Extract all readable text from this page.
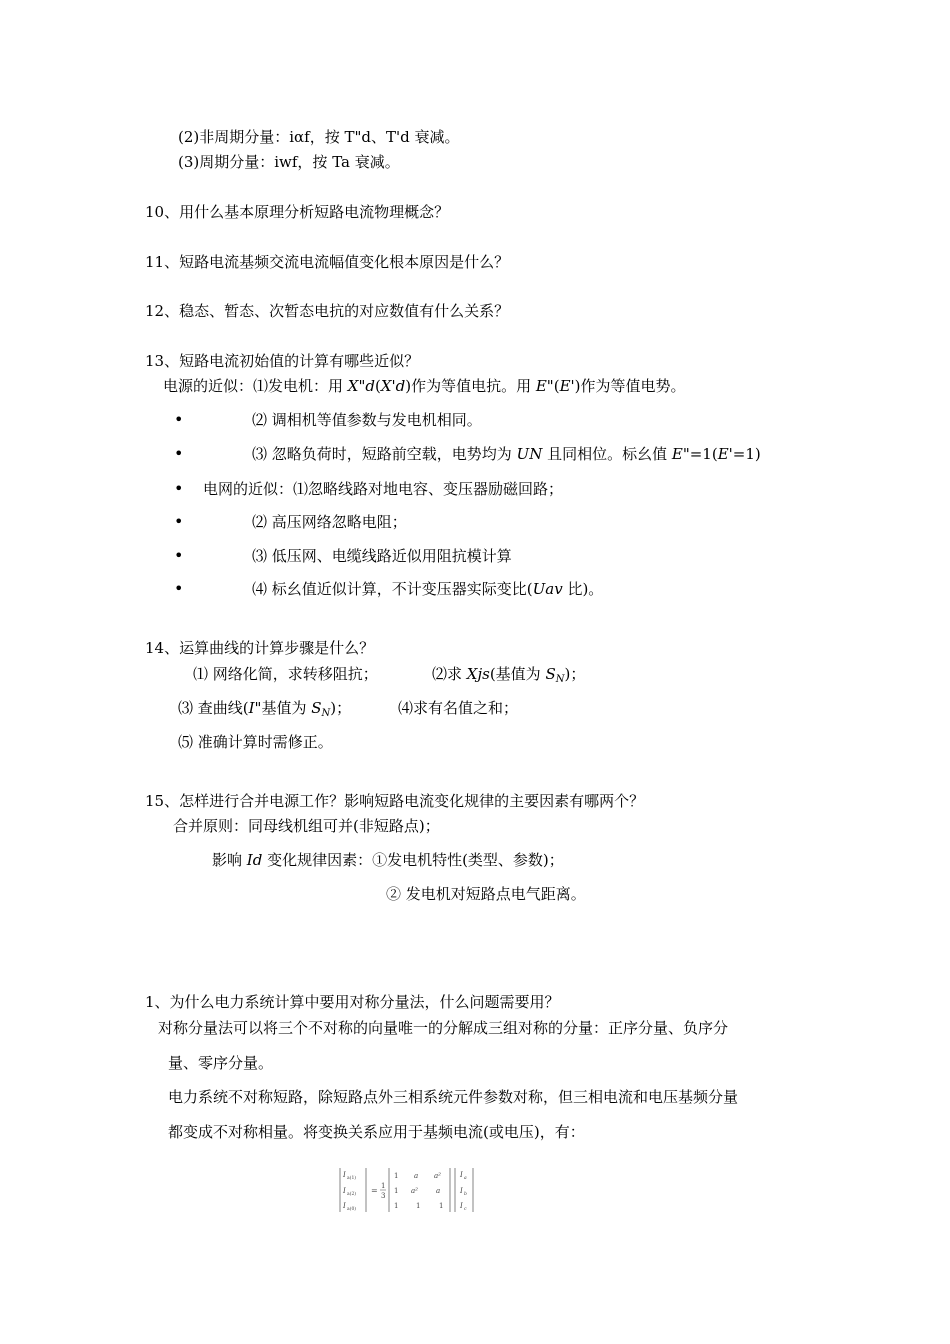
(2)非周期分量：iαf，按 T"d、T'd 衰减。
(3)周期分量：iwf，按 Ta 衰减。
10、用什么基本原理分析短路电流物理概念？
11、短路电流基频交流电流幅值变化根本原因是什么？
12、稳态、暂态、次暂态电抗的对应数值有什么关系？
13、短路电流初始值的计算有哪些近似？
电源的近似：⑴发电机：用 X"d(X'd)作为等值电抗。用 E"(E')作为等值电势。
•	⑵ 调相机等值参数与发电机相同。
•	⑶ 忽略负荷时，短路前空载，电势均为 UN 且同相位。标幺值 E"=1(E'=1)
• 电网的近似：⑴忽略线路对地电容、变压器励磁回路；
•	⑵ 高压网络忽略电阻；
•	⑶ 低压网、电缆线路近似用阻抗模计算
•	⑷ 标幺值近似计算，不计变压器实际变比(Uav 比)。
14、运算曲线的计算步骤是什么？
⑴ 网络化简，求转移阻抗；	⑵求 Xjs(基值为 $S_N$)；
⑶ 查曲线(I"基值为 $S_N$)；	⑷求有名值之和；
⑸ 准确计算时需修正。
15、怎样进行合并电源工作？影响短路电流变化规律的主要因素有哪两个？
合并原则：同母线机组可并(非短路点)；
影响 Id 变化规律因素：①发电机特性(类型、参数)；
② 发电机对短路点电气距离。
1、为什么电力系统计算中要用对称分量法，什么问题需要用？
对称分量法可以将三个不对称的向量唯一的分解成三组对称的分量：正序分量、负序分
量、零序分量。
电力系统不对称短路，除短路点外三相系统元件参数对称，但三相电流和电压基频分量
都变成不对称相量。将变换关系应用于基频电流(或电压)，有：
I a(1)
I a(2)
I a(0)
= 1
3
1 a a²
1 a²	a
1	1	1
I a
I b
I c
